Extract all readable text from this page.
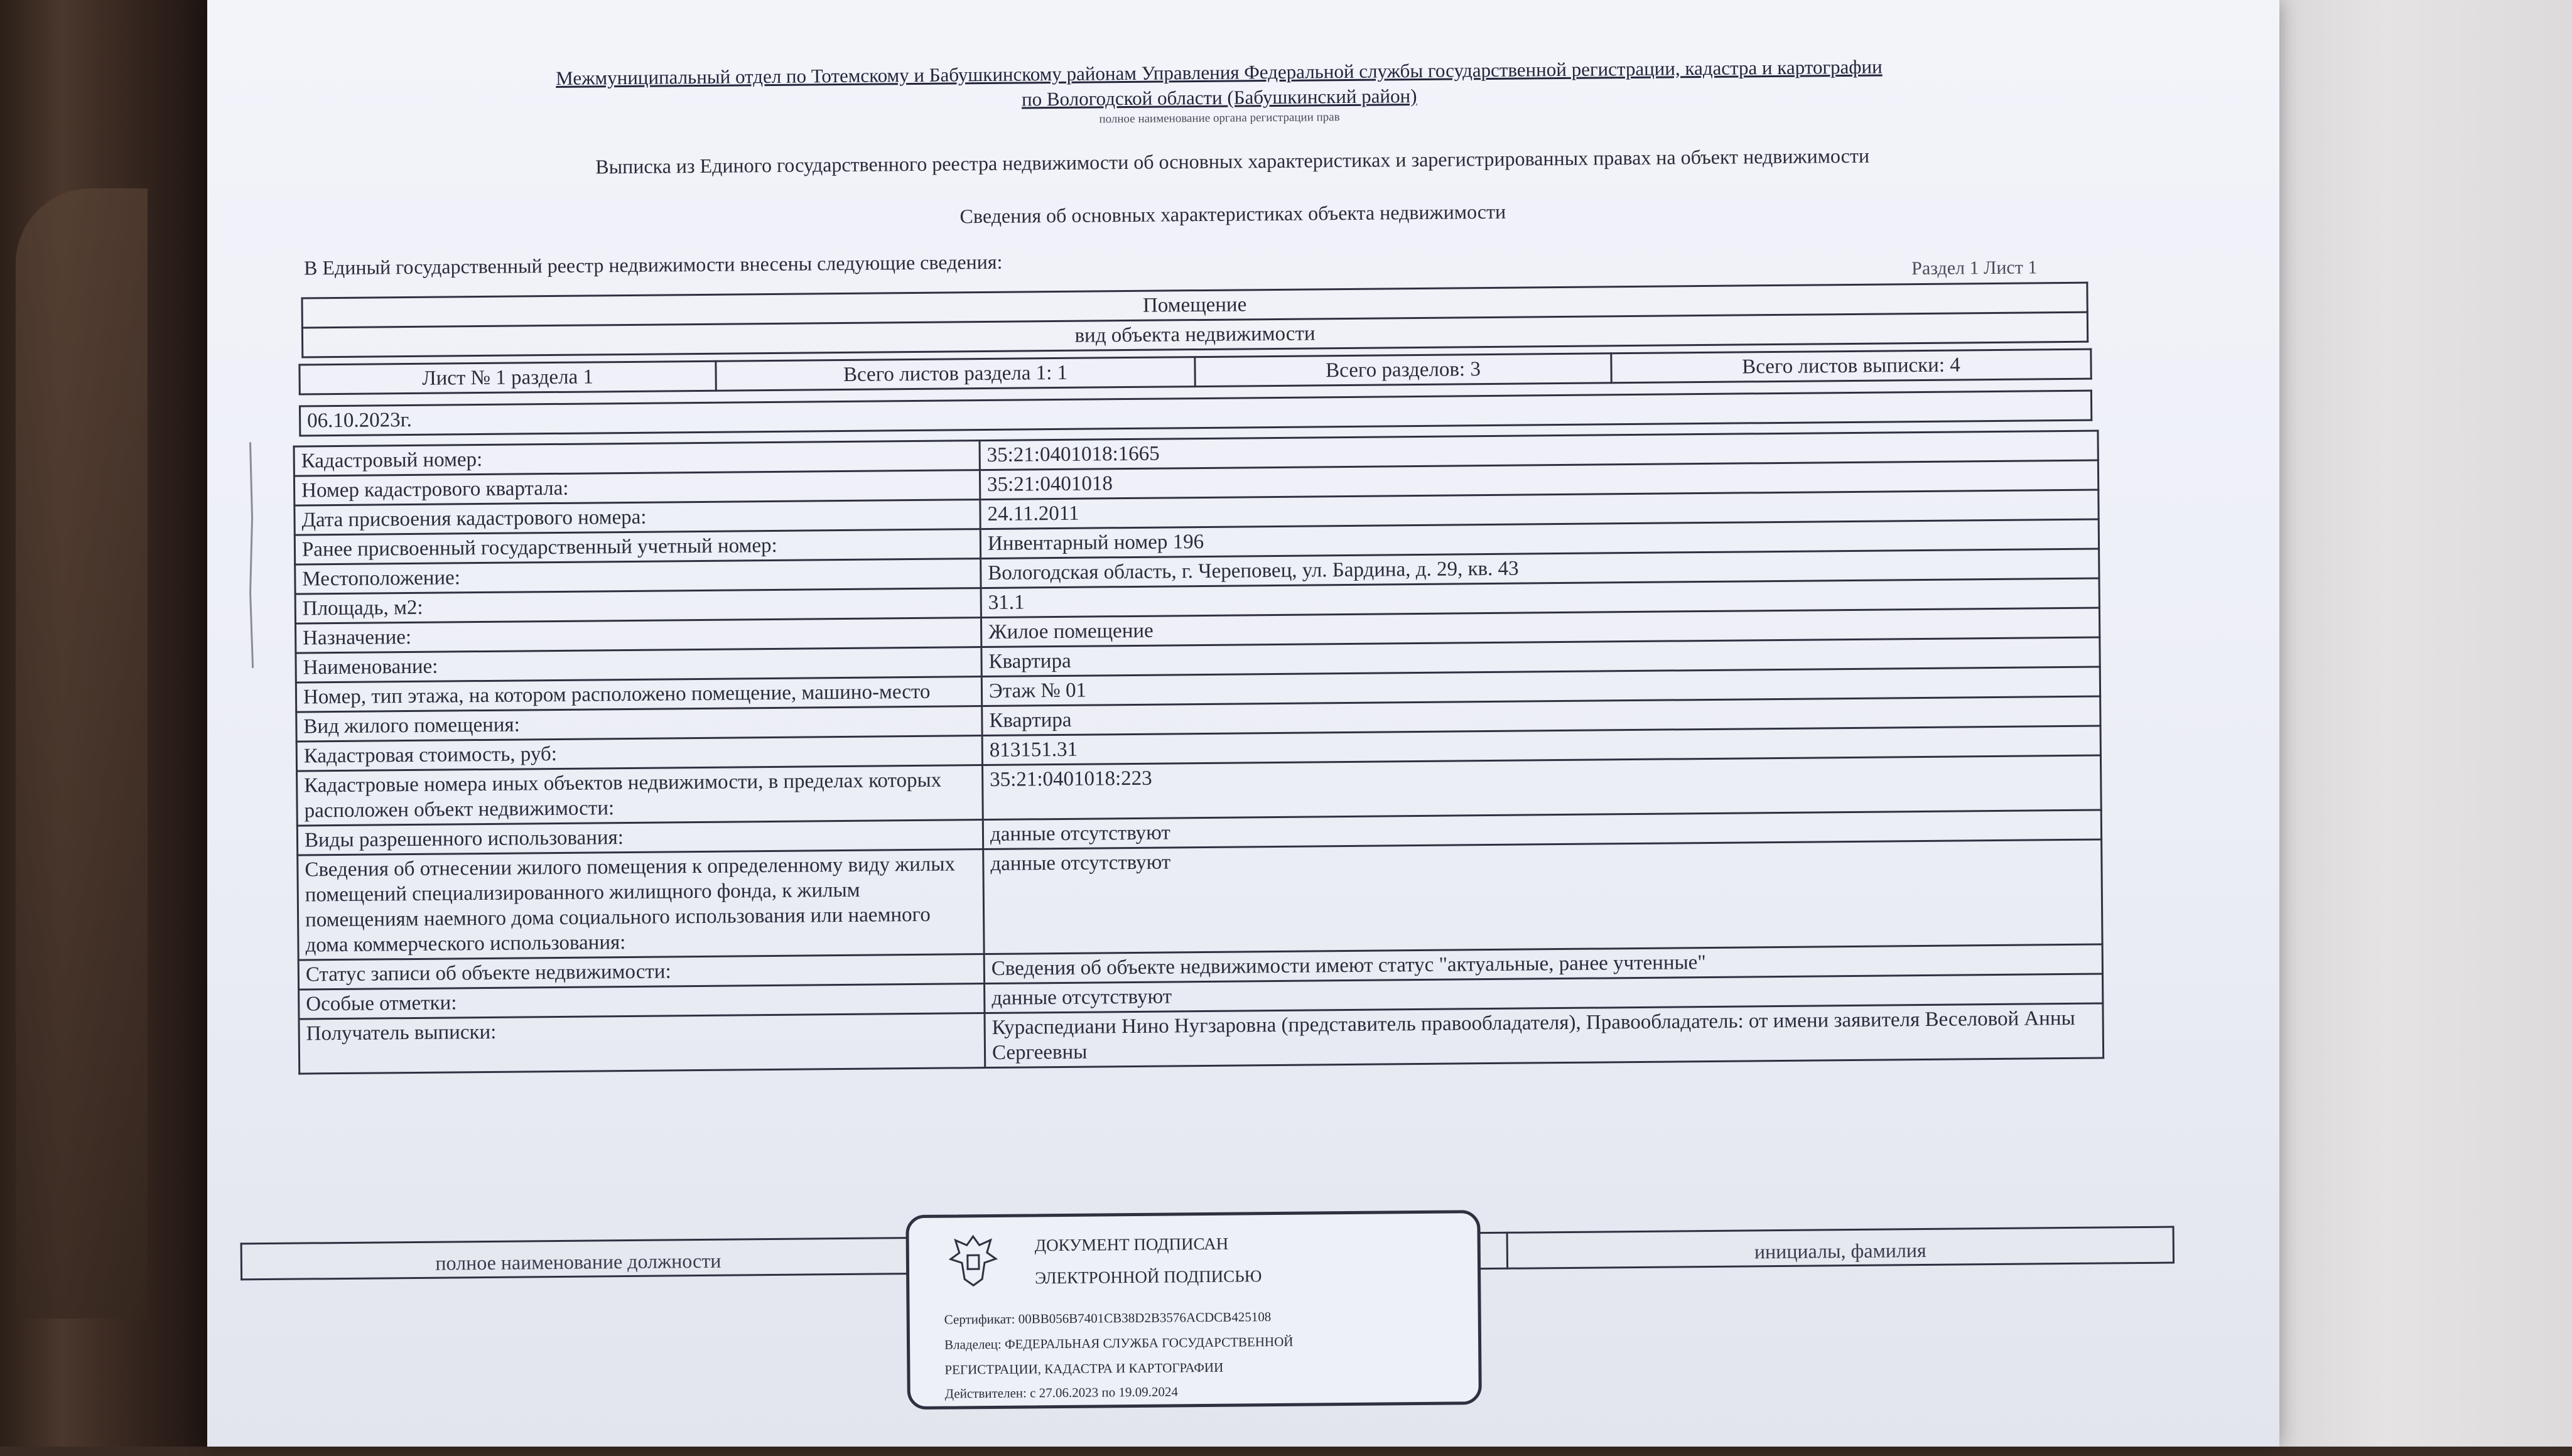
Межмуниципальный отдел по Тотемскому и Бабушкинскому районам Управления Федеральной службы государственной регистрации, кадастра и картографии
по Вологодской области (Бабушкинский район)
полное наименование органа регистрации прав
Выписка из Единого государственного реестра недвижимости об основных характеристиках и зарегистрированных правах на объект недвижимости
Сведения об основных характеристиках объекта недвижимости
В Единый государственный реестр недвижимости внесены следующие сведения:	Раздел 1 Лист 1
Помещение
вид объекта недвижимости
Лист № 1 раздела 1	Всего листов раздела 1: 1	Всего разделов: 3	Всего листов выписки: 4
06.10.2023г.
Кадастровый номер:	35:21:0401018:1665
Номер кадастрового квартала:	35:21:0401018
Дата присвоения кадастрового номера:	24.11.2011
Ранее присвоенный государственный учетный номер:	Инвентарный номер 196
Местоположение:	Вологодская область, г. Череповец, ул. Бардина, д. 29, кв. 43
Площадь, м2:	31.1
Назначение:	Жилое помещение
Наименование:	Квартира
Номер, тип этажа, на котором расположено помещение, машино-место	Этаж № 01
Вид жилого помещения:	Квартира
Кадастровая стоимость, руб:	813151.31
Кадастровые номера иных объектов недвижимости, в пределах которых расположен объект недвижимости:	35:21:0401018:223
Виды разрешенного использования:	данные отсутствуют
Сведения об отнесении жилого помещения к определенному виду жилых помещений специализированного жилищного фонда, к жилым помещениям наемного дома социального использования или наемного дома коммерческого использования:	данные отсутствуют
Статус записи об объекте недвижимости:	Сведения об объекте недвижимости имеют статус "актуальные, ранее учтенные"
Особые отметки:	данные отсутствуют
Получатель выписки:	Кураспедиани Нино Нугзаровна (представитель правообладателя), Правообладатель: от имени заявителя Веселовой Анны Сергеевны
полное наименование должности		инициалы, фамилия
ДОКУМЕНТ ПОДПИСАН
ЭЛЕКТРОННОЙ ПОДПИСЬЮ
Сертификат: 00BB056B7401CB38D2B3576ACDCB425108
Владелец: ФЕДЕРАЛЬНАЯ СЛУЖБА ГОСУДАРСТВЕННОЙ
РЕГИСТРАЦИИ, КАДАСТРА И КАРТОГРАФИИ
Действителен: с 27.06.2023 по 19.09.2024
